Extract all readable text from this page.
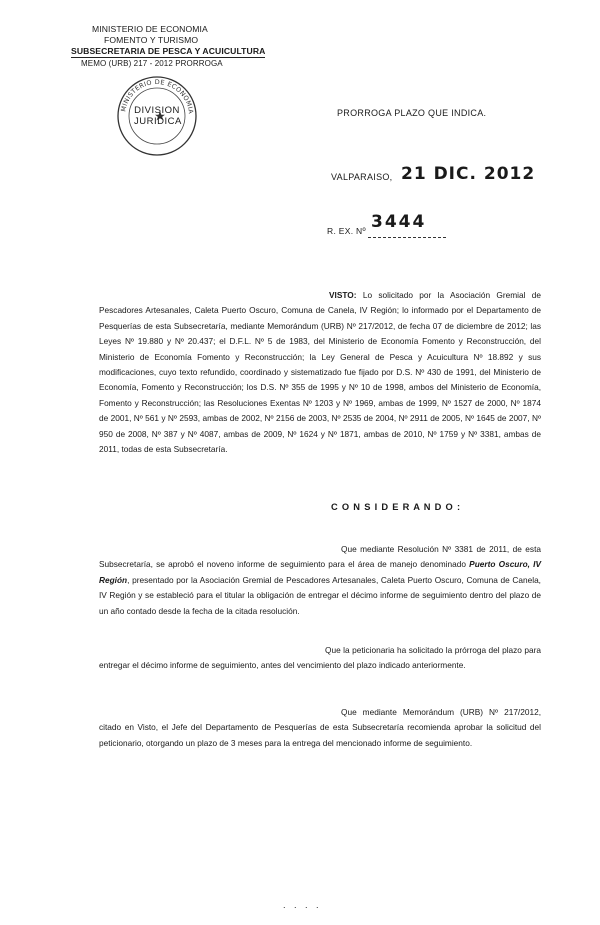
MINISTERIO DE ECONOMIA
FOMENTO Y TURISMO
SUBSECRETARIA DE PESCA Y ACUICULTURA
MEMO (URB) 217 - 2012 PRORROGA
MINISTERIO DE ECONOMIA
DIVISION
JURIDICA
PRORROGA PLAZO QUE INDICA.
VALPARAISO, 21 DIC. 2012
R. EX. Nº 3444

VISTO: Lo solicitado por la Asociación Gremial de Pescadores Artesanales, Caleta Puerto Oscuro, Comuna de Canela, IV Región; lo informado por el Departamento de Pesquerías de esta Subsecretaría, mediante Memorándum (URB) Nº 217/2012, de fecha 07 de diciembre de 2012; las Leyes Nº 19.880 y Nº 20.437; el D.F.L. Nº 5 de 1983, del Ministerio de Economía Fomento y Reconstrucción, del Ministerio de Economía Fomento y Reconstrucción; la Ley General de Pesca y Acuicultura Nº 18.892 y sus modificaciones, cuyo texto refundido, coordinado y sistematizado fue fijado por D.S. Nº 430 de 1991, del Ministerio de Economía, Fomento y Reconstrucción; los D.S. Nº 355 de 1995 y Nº 10 de 1998, ambos del Ministerio de Economía, Fomento y Reconstrucción; las Resoluciones Exentas Nº 1203 y Nº 1969, ambas de 1999, Nº 1527 de 2000, Nº 1874 de 2001, Nº 561 y Nº 2593, ambas de 2002, Nº 2156 de 2003, Nº 2535 de 2004, Nº 2911 de 2005, Nº 1645 de 2007, Nº 950 de 2008, Nº 387 y Nº 4087, ambas de 2009, Nº 1624 y Nº 1871, ambas de 2010, Nº 1759 y Nº 3381, ambas de 2011, todas de esta Subsecretaría.

C O N S I D E R A N D O :

Que mediante Resolución Nº 3381 de 2011, de esta Subsecretaría, se aprobó el noveno informe de seguimiento para el área de manejo denominado Puerto Oscuro, IV Región, presentado por la Asociación Gremial de Pescadores Artesanales, Caleta Puerto Oscuro, Comuna de Canela, IV Región y se estableció para el titular la obligación de entregar el décimo informe de seguimiento dentro del plazo de un año contado desde la fecha de la citada resolución.

Que la peticionaria ha solicitado la prórroga del plazo para entregar el décimo informe de seguimiento, antes del vencimiento del plazo indicado anteriormente.

Que mediante Memorándum (URB) Nº 217/2012, citado en Visto, el Jefe del Departamento de Pesquerías de esta Subsecretaría recomienda aprobar la solicitud del peticionario, otorgando un plazo de 3 meses para la entrega del mencionado informe de seguimiento.

. . . .
